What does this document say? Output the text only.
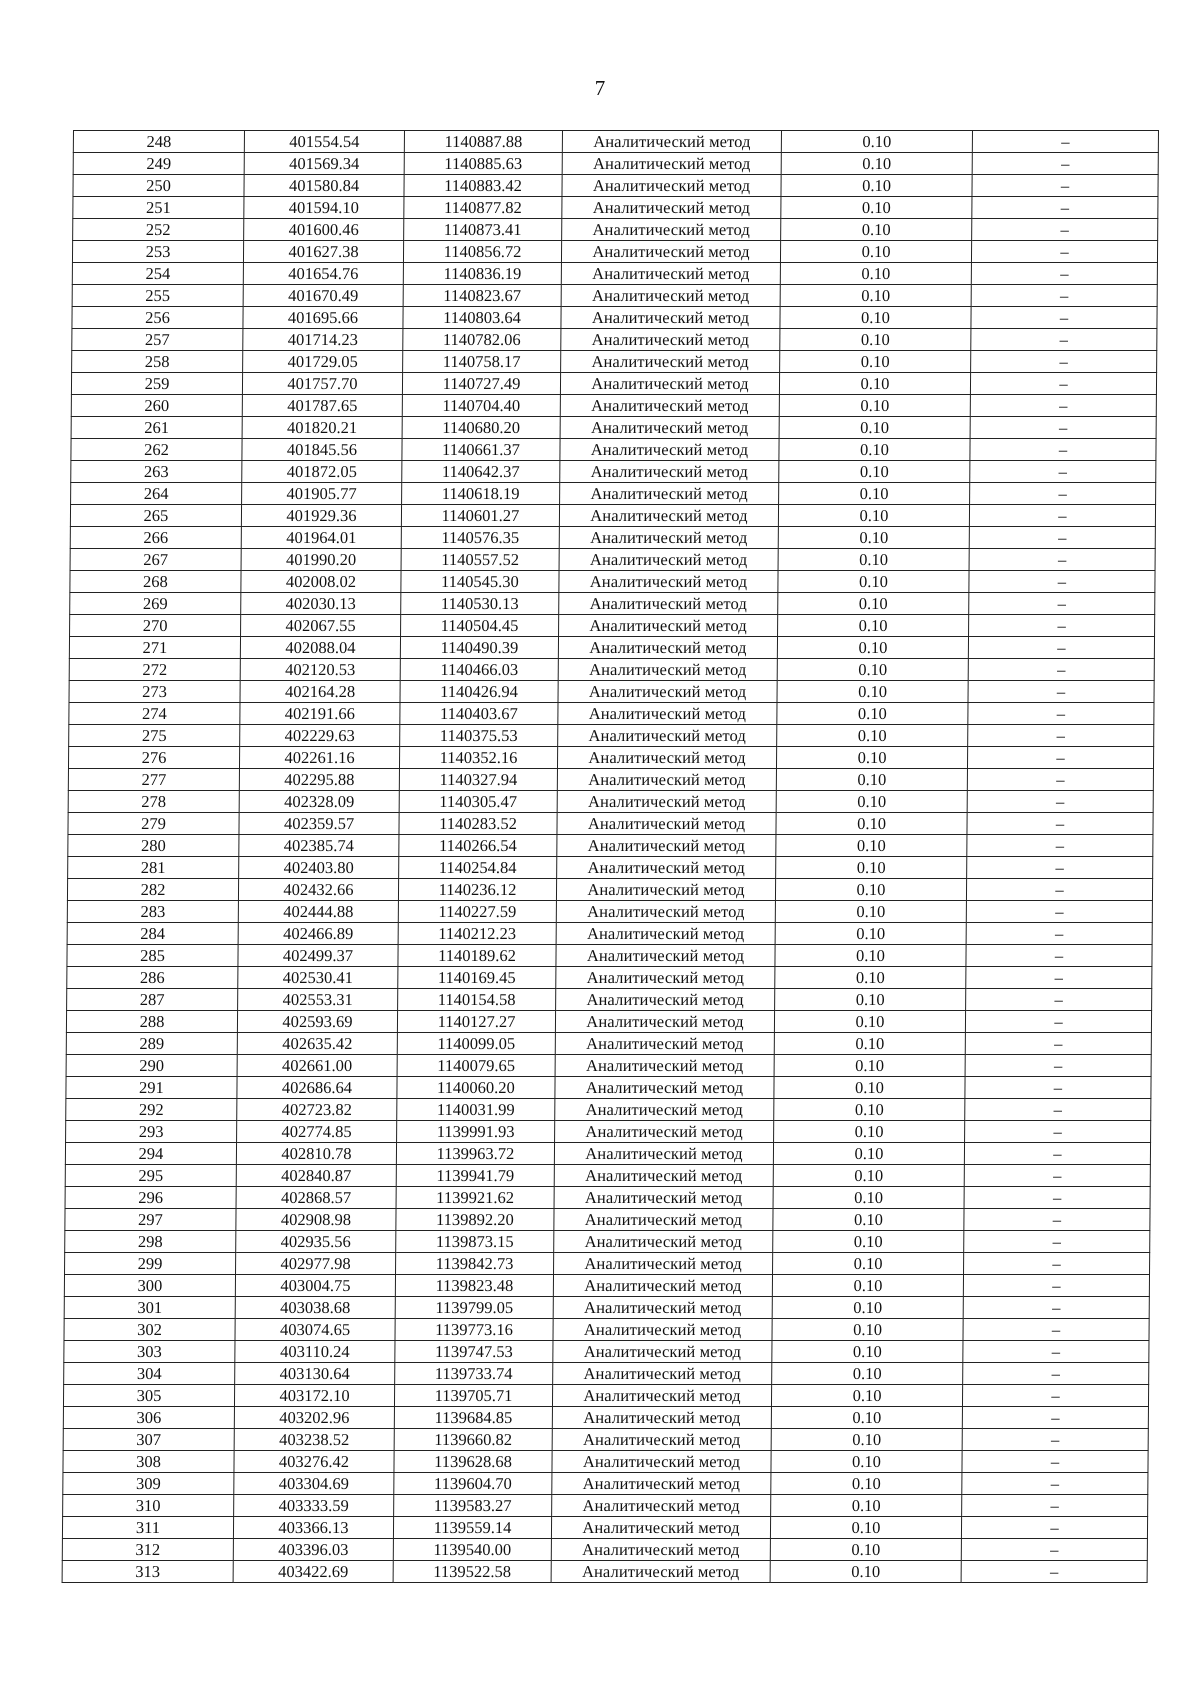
7
248	401554.54	1140887.88	Аналитический метод	0.10	–
249	401569.34	1140885.63	Аналитический метод	0.10	–
250	401580.84	1140883.42	Аналитический метод	0.10	–
251	401594.10	1140877.82	Аналитический метод	0.10	–
252	401600.46	1140873.41	Аналитический метод	0.10	–
253	401627.38	1140856.72	Аналитический метод	0.10	–
254	401654.76	1140836.19	Аналитический метод	0.10	–
255	401670.49	1140823.67	Аналитический метод	0.10	–
256	401695.66	1140803.64	Аналитический метод	0.10	–
257	401714.23	1140782.06	Аналитический метод	0.10	–
258	401729.05	1140758.17	Аналитический метод	0.10	–
259	401757.70	1140727.49	Аналитический метод	0.10	–
260	401787.65	1140704.40	Аналитический метод	0.10	–
261	401820.21	1140680.20	Аналитический метод	0.10	–
262	401845.56	1140661.37	Аналитический метод	0.10	–
263	401872.05	1140642.37	Аналитический метод	0.10	–
264	401905.77	1140618.19	Аналитический метод	0.10	–
265	401929.36	1140601.27	Аналитический метод	0.10	–
266	401964.01	1140576.35	Аналитический метод	0.10	–
267	401990.20	1140557.52	Аналитический метод	0.10	–
268	402008.02	1140545.30	Аналитический метод	0.10	–
269	402030.13	1140530.13	Аналитический метод	0.10	–
270	402067.55	1140504.45	Аналитический метод	0.10	–
271	402088.04	1140490.39	Аналитический метод	0.10	–
272	402120.53	1140466.03	Аналитический метод	0.10	–
273	402164.28	1140426.94	Аналитический метод	0.10	–
274	402191.66	1140403.67	Аналитический метод	0.10	–
275	402229.63	1140375.53	Аналитический метод	0.10	–
276	402261.16	1140352.16	Аналитический метод	0.10	–
277	402295.88	1140327.94	Аналитический метод	0.10	–
278	402328.09	1140305.47	Аналитический метод	0.10	–
279	402359.57	1140283.52	Аналитический метод	0.10	–
280	402385.74	1140266.54	Аналитический метод	0.10	–
281	402403.80	1140254.84	Аналитический метод	0.10	–
282	402432.66	1140236.12	Аналитический метод	0.10	–
283	402444.88	1140227.59	Аналитический метод	0.10	–
284	402466.89	1140212.23	Аналитический метод	0.10	–
285	402499.37	1140189.62	Аналитический метод	0.10	–
286	402530.41	1140169.45	Аналитический метод	0.10	–
287	402553.31	1140154.58	Аналитический метод	0.10	–
288	402593.69	1140127.27	Аналитический метод	0.10	–
289	402635.42	1140099.05	Аналитический метод	0.10	–
290	402661.00	1140079.65	Аналитический метод	0.10	–
291	402686.64	1140060.20	Аналитический метод	0.10	–
292	402723.82	1140031.99	Аналитический метод	0.10	–
293	402774.85	1139991.93	Аналитический метод	0.10	–
294	402810.78	1139963.72	Аналитический метод	0.10	–
295	402840.87	1139941.79	Аналитический метод	0.10	–
296	402868.57	1139921.62	Аналитический метод	0.10	–
297	402908.98	1139892.20	Аналитический метод	0.10	–
298	402935.56	1139873.15	Аналитический метод	0.10	–
299	402977.98	1139842.73	Аналитический метод	0.10	–
300	403004.75	1139823.48	Аналитический метод	0.10	–
301	403038.68	1139799.05	Аналитический метод	0.10	–
302	403074.65	1139773.16	Аналитический метод	0.10	–
303	403110.24	1139747.53	Аналитический метод	0.10	–
304	403130.64	1139733.74	Аналитический метод	0.10	–
305	403172.10	1139705.71	Аналитический метод	0.10	–
306	403202.96	1139684.85	Аналитический метод	0.10	–
307	403238.52	1139660.82	Аналитический метод	0.10	–
308	403276.42	1139628.68	Аналитический метод	0.10	–
309	403304.69	1139604.70	Аналитический метод	0.10	–
310	403333.59	1139583.27	Аналитический метод	0.10	–
311	403366.13	1139559.14	Аналитический метод	0.10	–
312	403396.03	1139540.00	Аналитический метод	0.10	–
313	403422.69	1139522.58	Аналитический метод	0.10	–
